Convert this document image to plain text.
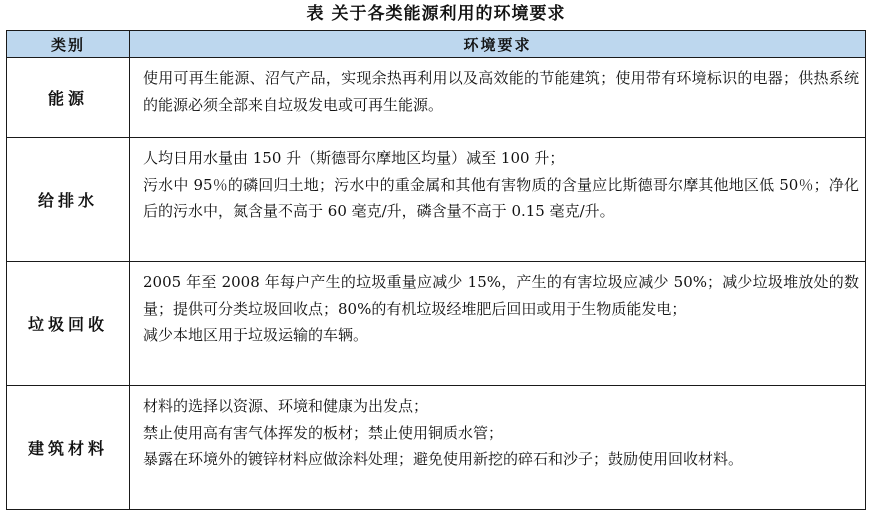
表 关于各类能源利用的环境要求
类别	环境要求
能源	使用可再生能源、沼气产品，实现余热再利用以及高效能的节能建筑；使用带有环境标识的电器；供热系统的能源必须全部来自垃圾发电或可再生能源。

给排水	人均日用水量由 150 升（斯德哥尔摩地区均量）减至 100 升；
污水中 95％的磷回归土地；污水中的重金属和其他有害物质的含量应比斯德哥尔摩其他地区低 50％；净化后的污水中，氮含量不高于 60 毫克/升，磷含量不高于 0.15 毫克/升。

垃圾回收	2005 年至 2008 年每户产生的垃圾重量应减少 15%，产生的有害垃圾应减少 50%；减少垃圾堆放处的数量；提供可分类垃圾回收点；80%的有机垃圾经堆肥后回田或用于生物质能发电；
减少本地区用于垃圾运输的车辆。

建筑材料	材料的选择以资源、环境和健康为出发点；
禁止使用高有害气体挥发的板材；禁止使用铜质水管；
暴露在环境外的镀锌材料应做涂料处理；避免使用新挖的碎石和沙子；鼓励使用回收材料。
